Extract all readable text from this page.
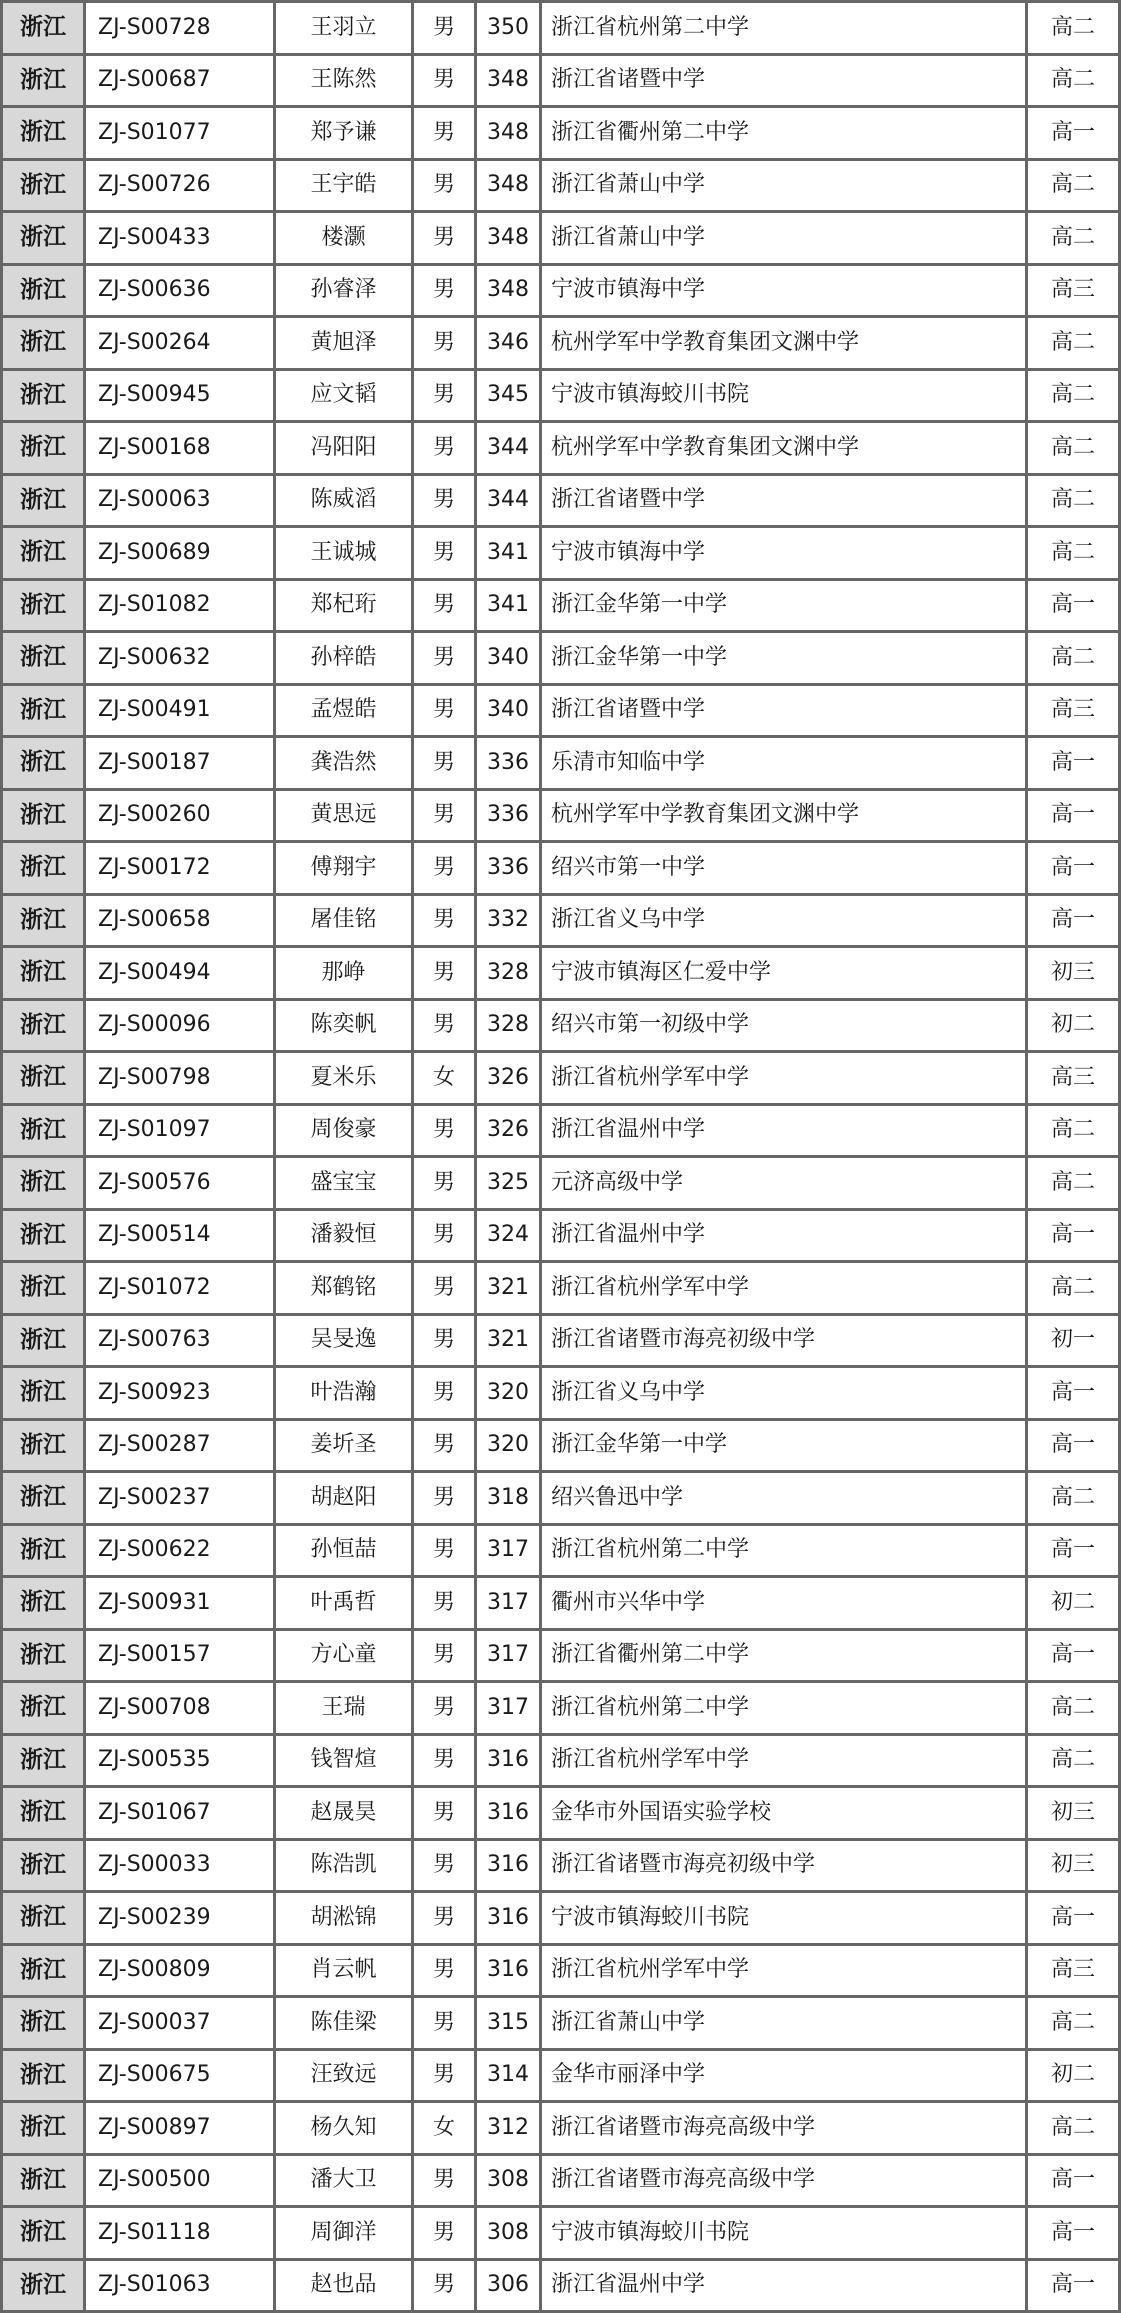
浙江	ZJ-S00728	王羽立	男	350	浙江省杭州第二中学	高二
浙江	ZJ-S00687	王陈然	男	348	浙江省诸暨中学	高二
浙江	ZJ-S01077	郑予谦	男	348	浙江省衢州第二中学	高一
浙江	ZJ-S00726	王宇皓	男	348	浙江省萧山中学	高二
浙江	ZJ-S00433	楼灏	男	348	浙江省萧山中学	高二
浙江	ZJ-S00636	孙睿泽	男	348	宁波市镇海中学	高三
浙江	ZJ-S00264	黄旭泽	男	346	杭州学军中学教育集团文渊中学	高二
浙江	ZJ-S00945	应文韬	男	345	宁波市镇海蛟川书院	高二
浙江	ZJ-S00168	冯阳阳	男	344	杭州学军中学教育集团文渊中学	高二
浙江	ZJ-S00063	陈威滔	男	344	浙江省诸暨中学	高二
浙江	ZJ-S00689	王诚城	男	341	宁波市镇海中学	高二
浙江	ZJ-S01082	郑杞珩	男	341	浙江金华第一中学	高一
浙江	ZJ-S00632	孙梓皓	男	340	浙江金华第一中学	高二
浙江	ZJ-S00491	孟煜皓	男	340	浙江省诸暨中学	高三
浙江	ZJ-S00187	龚浩然	男	336	乐清市知临中学	高一
浙江	ZJ-S00260	黄思远	男	336	杭州学军中学教育集团文渊中学	高一
浙江	ZJ-S00172	傅翔宇	男	336	绍兴市第一中学	高一
浙江	ZJ-S00658	屠佳铭	男	332	浙江省义乌中学	高一
浙江	ZJ-S00494	那峥	男	328	宁波市镇海区仁爱中学	初三
浙江	ZJ-S00096	陈奕帆	男	328	绍兴市第一初级中学	初二
浙江	ZJ-S00798	夏米乐	女	326	浙江省杭州学军中学	高三
浙江	ZJ-S01097	周俊豪	男	326	浙江省温州中学	高二
浙江	ZJ-S00576	盛宝宝	男	325	元济高级中学	高二
浙江	ZJ-S00514	潘毅恒	男	324	浙江省温州中学	高一
浙江	ZJ-S01072	郑鹤铭	男	321	浙江省杭州学军中学	高二
浙江	ZJ-S00763	吴旻逸	男	321	浙江省诸暨市海亮初级中学	初一
浙江	ZJ-S00923	叶浩瀚	男	320	浙江省义乌中学	高一
浙江	ZJ-S00287	姜圻圣	男	320	浙江金华第一中学	高一
浙江	ZJ-S00237	胡赵阳	男	318	绍兴鲁迅中学	高二
浙江	ZJ-S00622	孙恒喆	男	317	浙江省杭州第二中学	高一
浙江	ZJ-S00931	叶禹哲	男	317	衢州市兴华中学	初二
浙江	ZJ-S00157	方心童	男	317	浙江省衢州第二中学	高一
浙江	ZJ-S00708	王瑞	男	317	浙江省杭州第二中学	高二
浙江	ZJ-S00535	钱智煊	男	316	浙江省杭州学军中学	高二
浙江	ZJ-S01067	赵晟昊	男	316	金华市外国语实验学校	初三
浙江	ZJ-S00033	陈浩凯	男	316	浙江省诸暨市海亮初级中学	初三
浙江	ZJ-S00239	胡淞锦	男	316	宁波市镇海蛟川书院	高一
浙江	ZJ-S00809	肖云帆	男	316	浙江省杭州学军中学	高三
浙江	ZJ-S00037	陈佳梁	男	315	浙江省萧山中学	高二
浙江	ZJ-S00675	汪致远	男	314	金华市丽泽中学	初二
浙江	ZJ-S00897	杨久知	女	312	浙江省诸暨市海亮高级中学	高二
浙江	ZJ-S00500	潘大卫	男	308	浙江省诸暨市海亮高级中学	高一
浙江	ZJ-S01118	周御洋	男	308	宁波市镇海蛟川书院	高一
浙江	ZJ-S01063	赵也品	男	306	浙江省温州中学	高一
